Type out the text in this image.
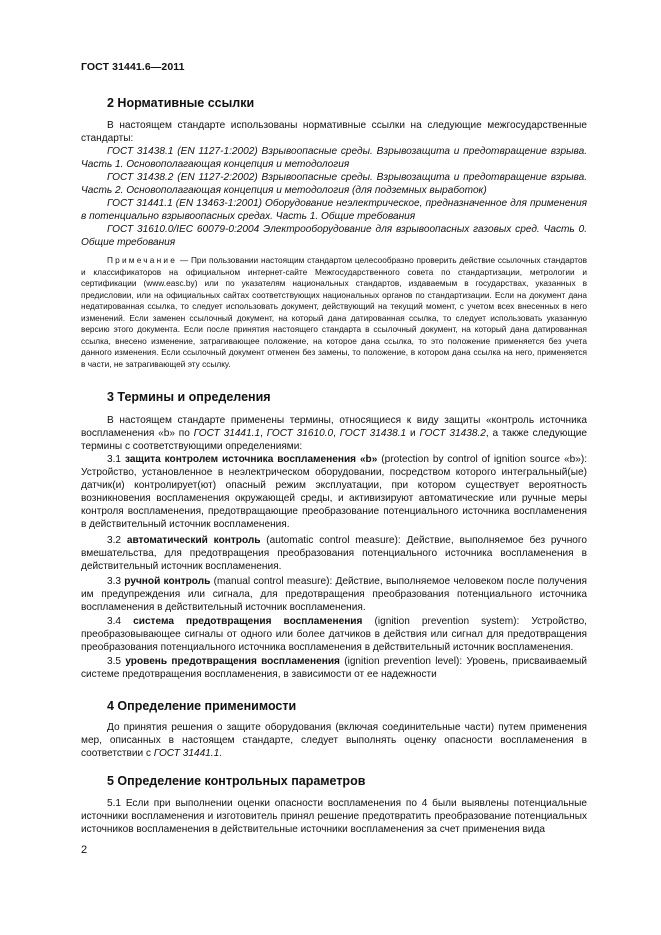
ГОСТ 31441.6—2011
2 Нормативные ссылки
В настоящем стандарте использованы нормативные ссылки на следующие межгосударственные стандарты:
ГОСТ 31438.1 (EN 1127-1:2002) Взрывоопасные среды. Взрывозащита и предотвращение взрыва. Часть 1. Основополагающая концепция и методология
ГОСТ 31438.2 (EN 1127-2:2002) Взрывоопасные среды. Взрывозащита и предотвращение взрыва. Часть 2. Основополагающая концепция и методология (для подземных выработок)
ГОСТ 31441.1 (EN 13463-1:2001) Оборудование неэлектрическое, предназначенное для применения в потенциально взрывоопасных средах. Часть 1. Общие требования
ГОСТ 31610.0/IEC 60079-0:2004 Электрооборудование для взрывоопасных газовых сред. Часть 0. Общие требования
Примечание — При пользовании настоящим стандартом целесообразно проверить действие ссылочных стандартов и классификаторов на официальном интернет-сайте Межгосударственного совета по стандартизации, метрологии и сертификации (www.easc.by) или по указателям национальных стандартов, издаваемым в государствах, указанных в предисловии, или на официальных сайтах соответствующих национальных органов по стандартизации. Если на документ дана недатированная ссылка, то следует использовать документ, действующий на текущий момент, с учетом всех внесенных в него изменений. Если заменен ссылочный документ, на который дана датированная ссылка, то следует использовать указанную версию этого документа. Если после принятия настоящего стандарта в ссылочный документ, на который дана датированная ссылка, внесено изменение, затрагивающее положение, на которое дана ссылка, то это положение применяется без учета данного изменения. Если ссылочный документ отменен без замены, то положение, в котором дана ссылка на него, применяется в части, не затрагивающей эту ссылку.
3 Термины и определения
В настоящем стандарте применены термины, относящиеся к виду защиты «контроль источника воспламенения «b» по ГОСТ 31441.1, ГОСТ 31610.0, ГОСТ 31438.1 и ГОСТ 31438.2, а также следующие термины с соответствующими определениями:
3.1 защита контролем источника воспламенения «b» (protection by control of ignition source «b»): Устройство, установленное в неэлектрическом оборудовании, посредством которого интегральный(ые) датчик(и) контролирует(ют) опасный режим эксплуатации, при котором существует вероятность возникновения воспламенения окружающей среды, и активизируют автоматические или ручные меры контроля воспламенения, предотвращающие преобразование потенциального источника воспламенения в действительный источник воспламенения.
3.2 автоматический контроль (automatic control measure): Действие, выполняемое без ручного вмешательства, для предотвращения преобразования потенциального источника воспламенения в действительный источник воспламенения.
3.3 ручной контроль (manual control measure): Действие, выполняемое человеком после получения им предупреждения или сигнала, для предотвращения преобразования потенциального источника воспламенения в действительный источник воспламенения.
3.4 система предотвращения воспламенения (ignition prevention system): Устройство, преобразовывающее сигналы от одного или более датчиков в действия или сигнал для предотвращения преобразования потенциального источника воспламенения в действительный источник воспламенения.
3.5 уровень предотвращения воспламенения (ignition prevention level): Уровень, присваиваемый системе предотвращения воспламенения, в зависимости от ее надежности
4 Определение применимости
До принятия решения о защите оборудования (включая соединительные части) путем применения мер, описанных в настоящем стандарте, следует выполнять оценку опасности воспламенения в соответствии с ГОСТ 31441.1.
5 Определение контрольных параметров
5.1 Если при выполнении оценки опасности воспламенения по 4 были выявлены потенциальные источники воспламенения и изготовитель принял решение предотвратить преобразование потенциальных источников воспламенения в действительные источники воспламенения за счет применения вида
2
